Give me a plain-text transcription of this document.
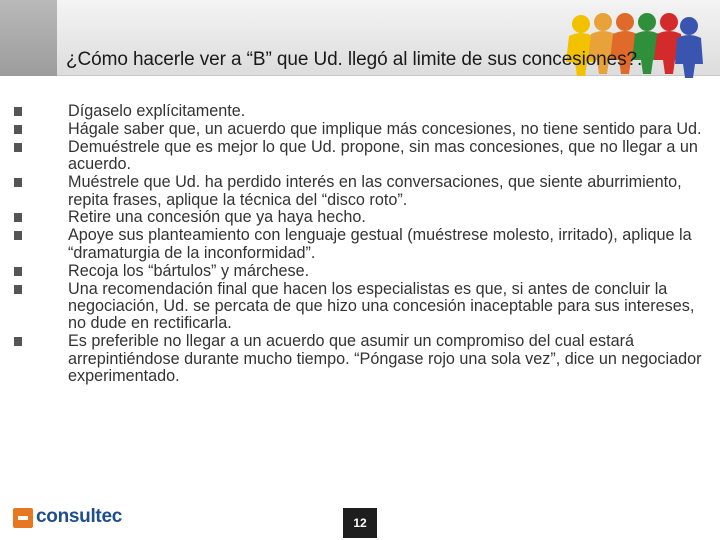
¿Cómo hacerle ver a “B” que Ud. llegó al limite de sus concesiones?.
Dígaselo explícitamente.
Hágale saber que, un acuerdo que implique más concesiones, no tiene sentido para Ud.
Demuéstrele que es mejor lo que Ud. propone, sin mas concesiones, que no llegar a un acuerdo.
Muéstrele que Ud. ha perdido interés en las conversaciones, que siente aburrimiento, repita frases, aplique la técnica del “disco roto”.
Retire una concesión que ya haya hecho.
Apoye sus planteamiento con lenguaje gestual (muéstrese molesto, irritado), aplique la “dramaturgia de la inconformidad”.
Recoja los “bártulos” y márchese.
Una recomendación final que hacen los especialistas es que, si antes de concluir la negociación, Ud. se percata de que hizo una concesión inaceptable para sus intereses, no dude en rectificarla.
Es preferible no llegar a un acuerdo que asumir un compromiso del cual estará arrepintiéndose durante mucho tiempo. “Póngase rojo una sola vez”, dice un negociador experimentado.
consultec	12
